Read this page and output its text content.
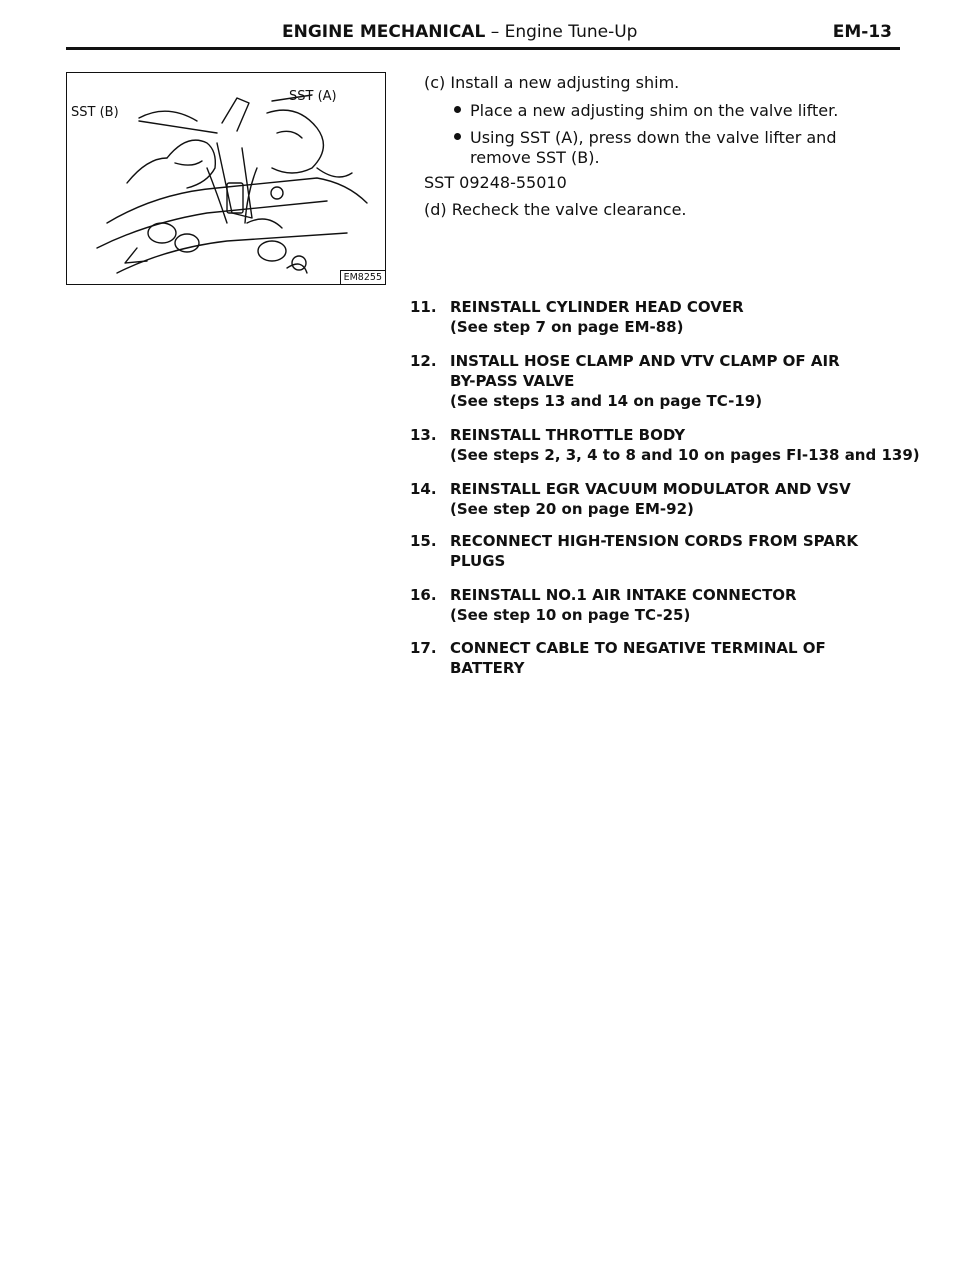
ENGINE MECHANICAL – Engine Tune-Up	EM-13
SST (A)
SST (B)
EM8255
(c) Install a new adjusting shim.
Place a new adjusting shim on the valve lifter.
Using SST (A), press down the valve lifter and
remove SST (B).
SST 09248-55010
(d) Recheck the valve clearance.
11. REINSTALL CYLINDER HEAD COVER
(See step 7 on page EM-88)
12. INSTALL HOSE CLAMP AND VTV CLAMP OF AIR
BY-PASS VALVE
(See steps 13 and 14 on page TC-19)
13. REINSTALL THROTTLE BODY
(See steps 2, 3, 4 to 8 and 10 on pages FI-138 and 139)
14. REINSTALL EGR VACUUM MODULATOR AND VSV
(See step 20 on page EM-92)
15. RECONNECT HIGH-TENSION CORDS FROM SPARK
PLUGS
16. REINSTALL NO.1 AIR INTAKE CONNECTOR
(See step 10 on page TC-25)
17. CONNECT CABLE TO NEGATIVE TERMINAL OF
BATTERY
